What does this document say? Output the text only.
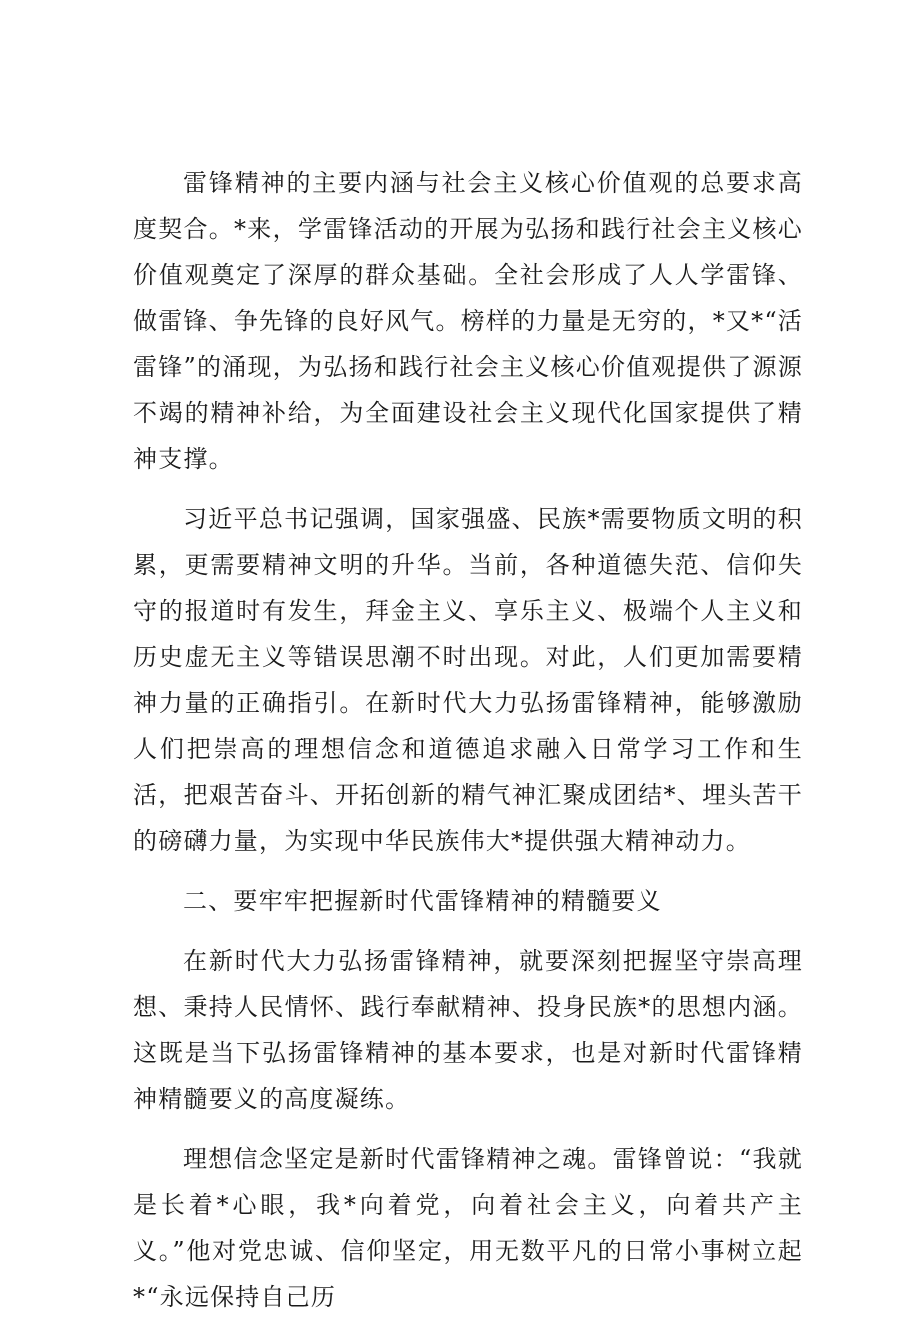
雷锋精神的主要内涵与社会主义核心价值观的总要求高度契合。*来，学雷锋活动的开展为弘扬和践行社会主义核心价值观奠定了深厚的群众基础。全社会形成了人人学雷锋、做雷锋、争先锋的良好风气。榜样的力量是无穷的，*又*“活雷锋”的涌现，为弘扬和践行社会主义核心价值观提供了源源不竭的精神补给，为全面建设社会主义现代化国家提供了精神支撑。

习近平总书记强调，国家强盛、民族*需要物质文明的积累，更需要精神文明的升华。当前，各种道德失范、信仰失守的报道时有发生，拜金主义、享乐主义、极端个人主义和历史虚无主义等错误思潮不时出现。对此，人们更加需要精神力量的正确指引。在新时代大力弘扬雷锋精神，能够激励人们把崇高的理想信念和道德追求融入日常学习工作和生活，把艰苦奋斗、开拓创新的精气神汇聚成团结*、埋头苦干的磅礴力量，为实现中华民族伟大*提供强大精神动力。

二、要牢牢把握新时代雷锋精神的精髓要义

在新时代大力弘扬雷锋精神，就要深刻把握坚守崇高理想、秉持人民情怀、践行奉献精神、投身民族*的思想内涵。这既是当下弘扬雷锋精神的基本要求，也是对新时代雷锋精神精髓要义的高度凝练。

理想信念坚定是新时代雷锋精神之魂。雷锋曾说：“我就是长着*心眼，我*向着党，向着社会主义，向着共产主义。”他对党忠诚、信仰坚定，用无数平凡的日常小事树立起*“永远保持自己历
